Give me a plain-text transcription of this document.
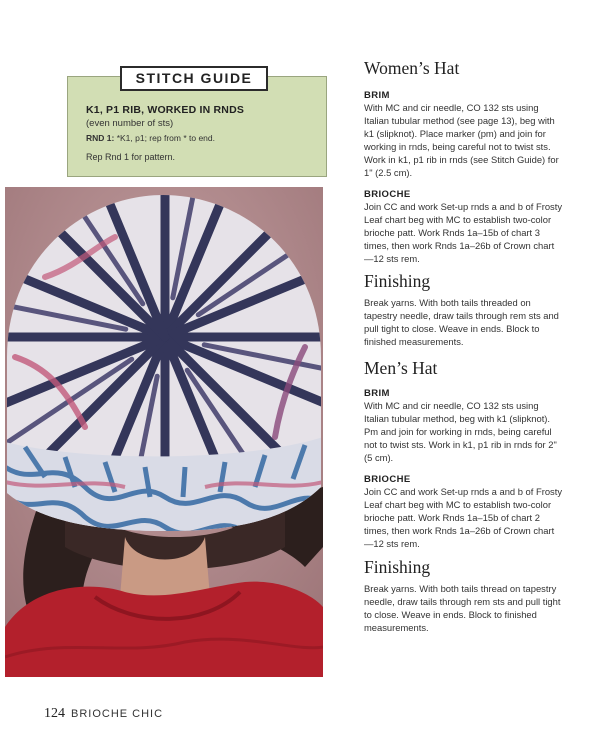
STITCH GUIDE
K1, P1 RIB, WORKED IN RNDS
(even number of sts)
RND 1: *K1, p1; rep from * to end.
Rep Rnd 1 for pattern.
Women’s Hat
BRIM
With MC and cir needle, CO 132 sts using Italian tubular method (see page 13), beg with k1 (slipknot). Place marker (pm) and join for working in rnds, being careful not to twist sts. Work in k1, p1 rib in rnds (see Stitch Guide) for 1" (2.5 cm).
BRIOCHE
Join CC and work Set-up rnds a and b of Frosty Leaf chart beg with MC to establish two-color brioche patt. Work Rnds 1a–15b of chart 3 times, then work Rnds 1a–26b of Crown chart—12 sts rem.
Finishing
Break yarns. With both tails threaded on tapestry needle, draw tails through rem sts and pull tight to close. Weave in ends. Block to finished measurements.
Men’s Hat
BRIM
With MC and cir needle, CO 132 sts using Italian tubular method, beg with k1 (slipknot). Pm and join for working in rnds, being careful not to twist sts. Work in k1, p1 rib in rnds for 2" (5 cm).
BRIOCHE
Join CC and work Set-up rnds a and b of Frosty Leaf chart beg with MC to establish two-color brioche patt. Work Rnds 1a–15b of chart 2 times, then work Rnds 1a–26b of Crown chart—12 sts rem.
Finishing
Break yarns. With both tails thread on tapestry needle, draw tails through rem sts and pull tight to close. Weave in ends. Block to finished measurements.
124 BRIOCHE CHIC
